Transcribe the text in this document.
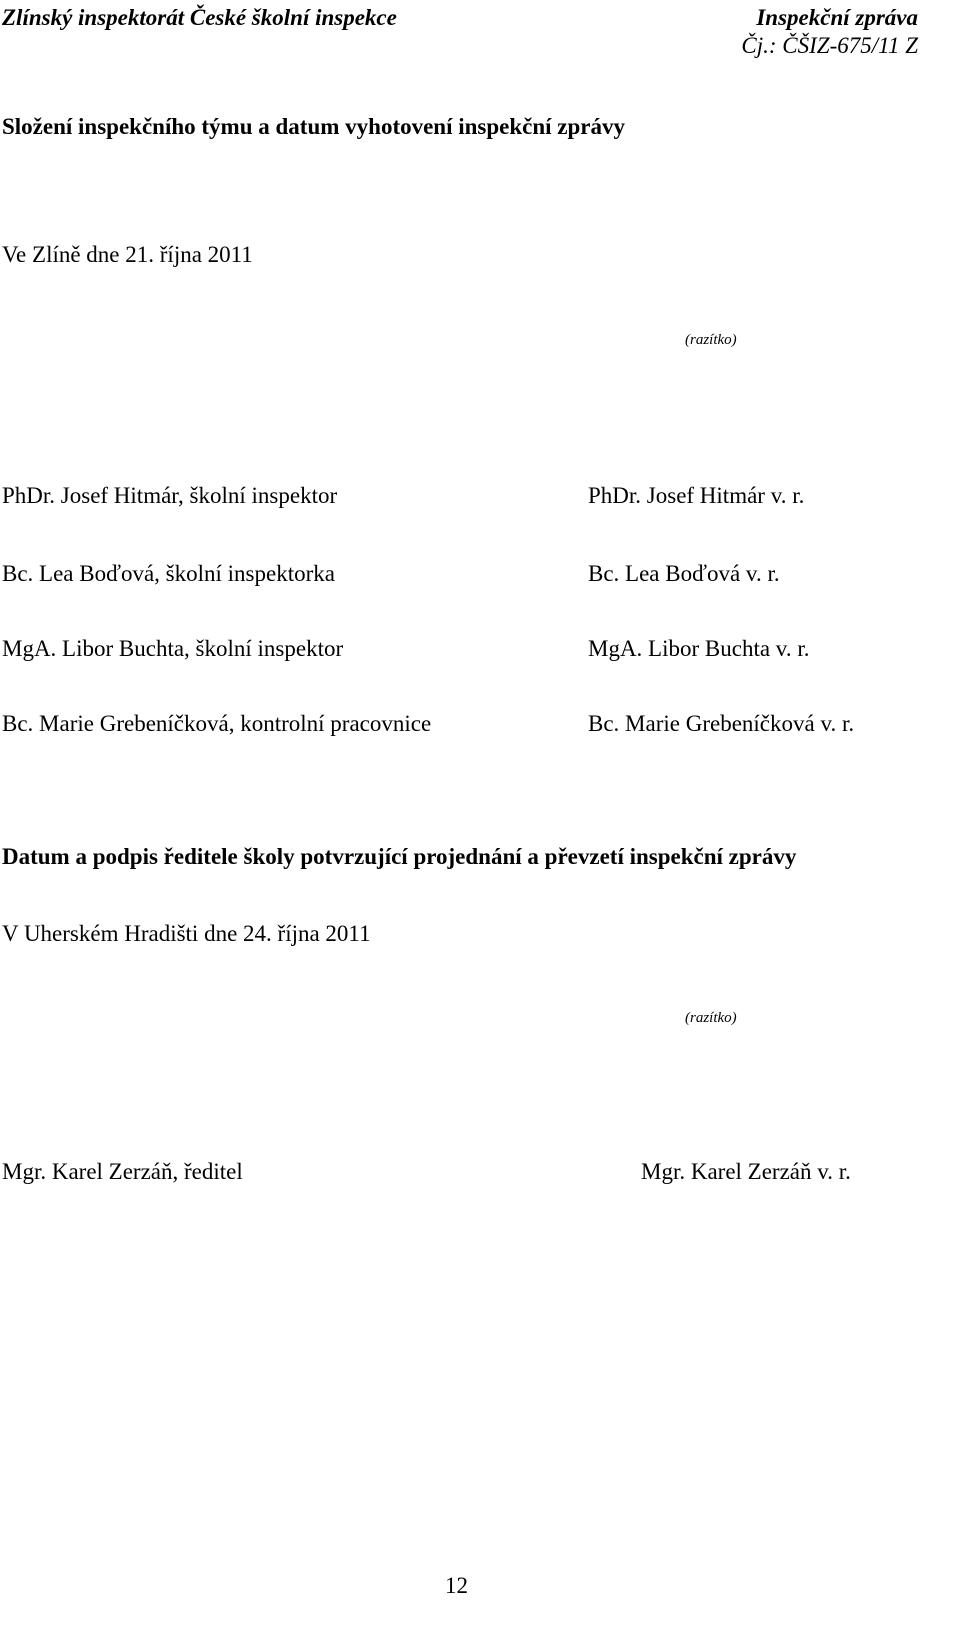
Zlínský inspektorát České školní inspekce	Inspekční zpráva
Čj.: ČŠIZ-675/11 Z
Složení inspekčního týmu a datum vyhotovení inspekční zprávy
Ve Zlíně dne 21. října 2011
(razítko)
PhDr. Josef Hitmár, školní inspektor	PhDr. Josef Hitmár v. r.
Bc. Lea Boďová, školní inspektorka	Bc. Lea Boďová v. r.
MgA. Libor Buchta, školní inspektor	MgA. Libor Buchta v. r.
Bc. Marie Grebeníčková, kontrolní pracovnice	Bc. Marie Grebeníčková v. r.
Datum a podpis ředitele školy potvrzující projednání a převzetí inspekční zprávy
V Uherském Hradišti dne 24. října 2011
(razítko)
Mgr. Karel Zerzáň, ředitel	Mgr. Karel Zerzáň v. r.
12
